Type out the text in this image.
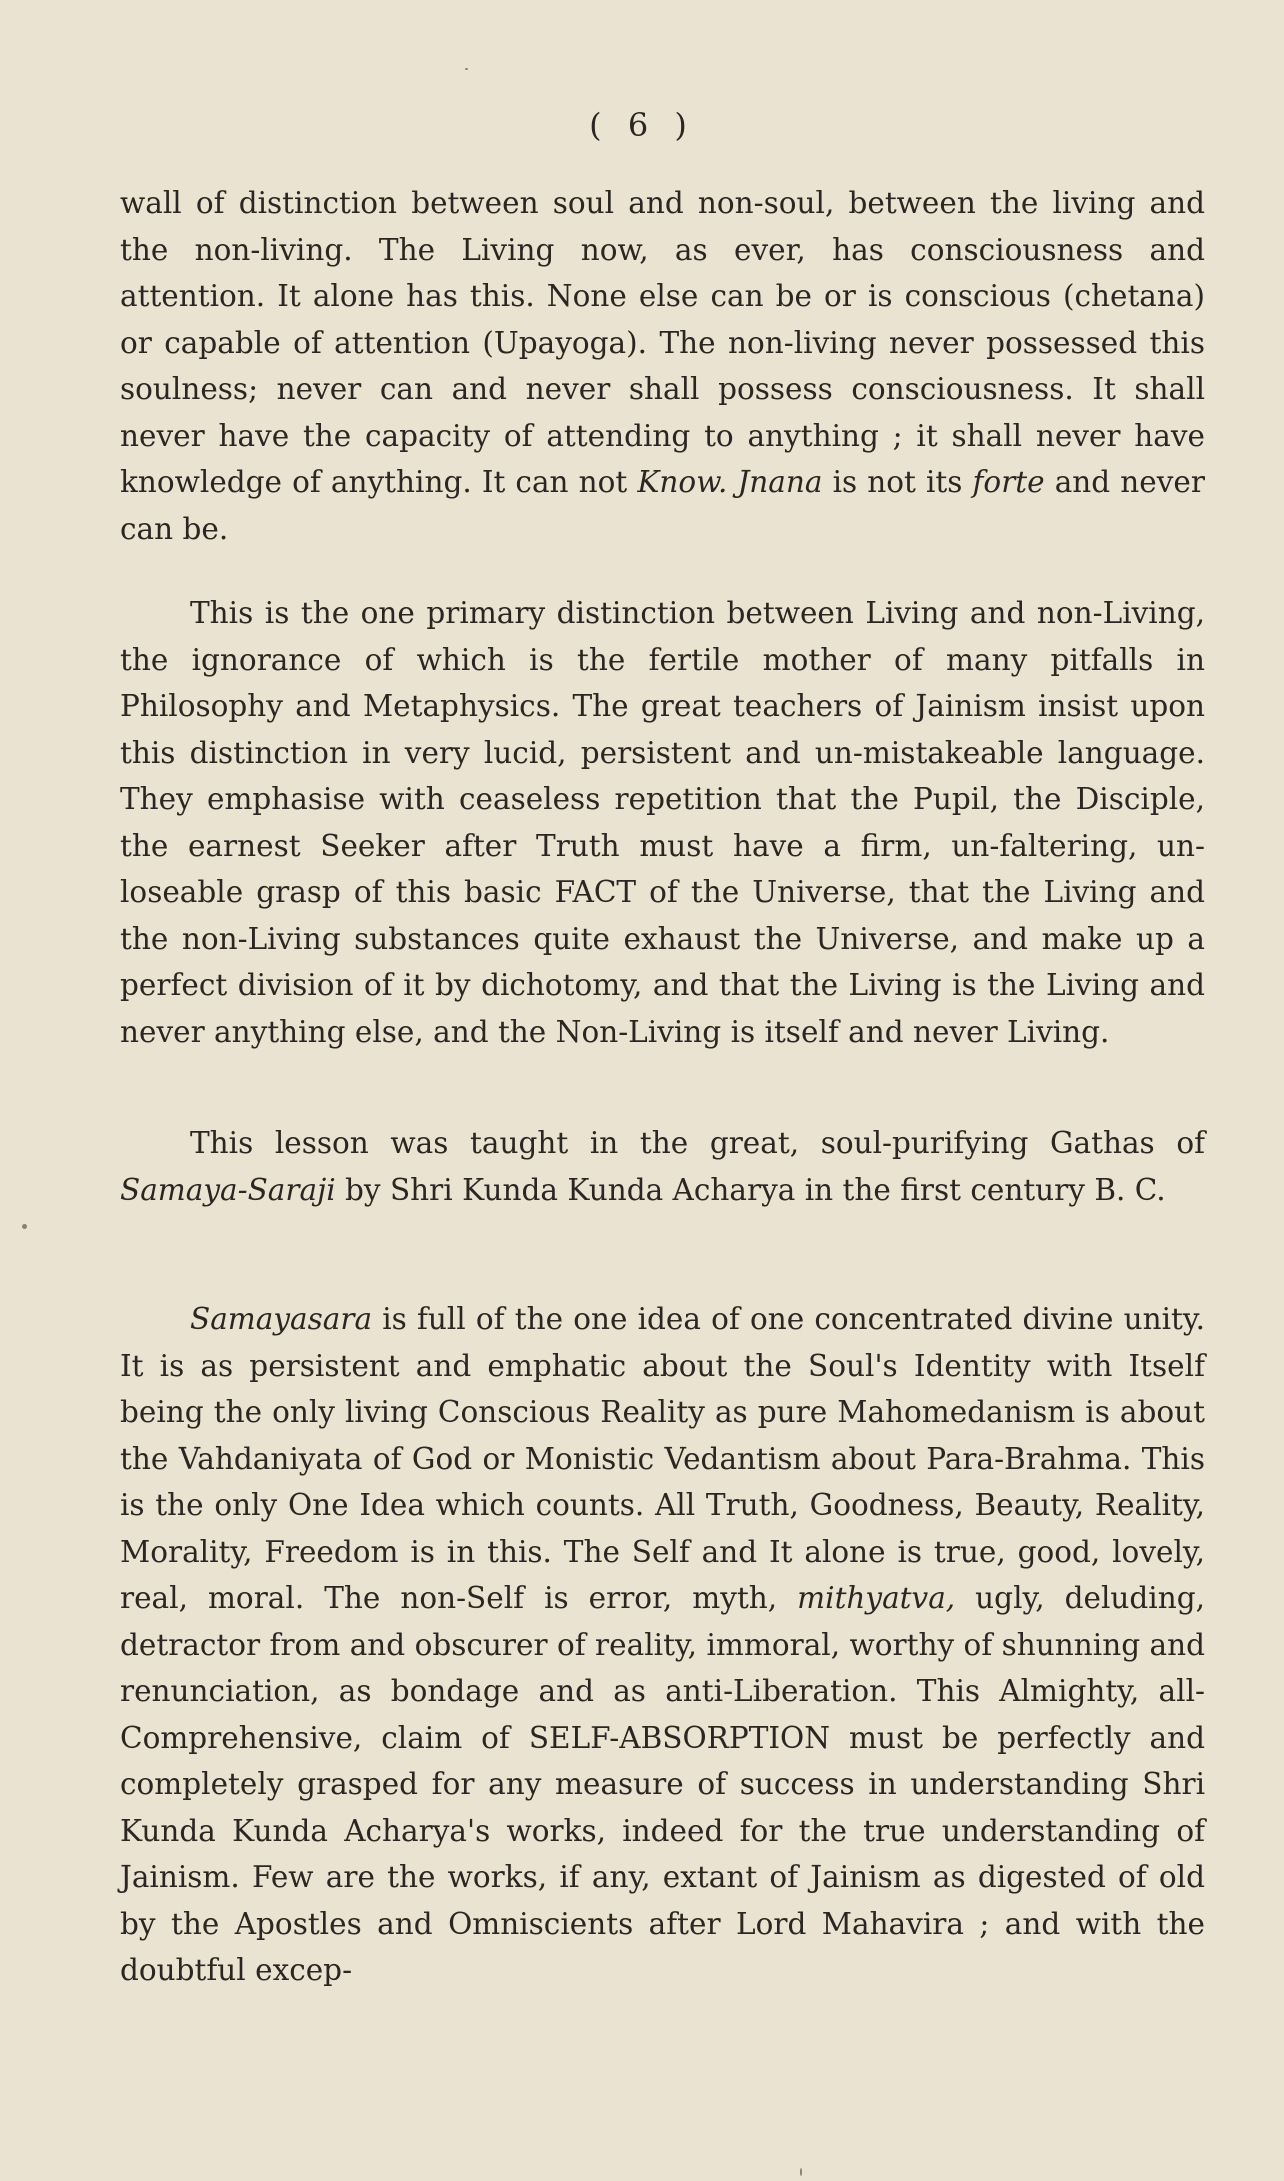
( 6 )

wall of distinction between soul and non-soul, between the living and the non-living. The Living now, as ever, has consciousness and attention. It alone has this. None else can be or is conscious (chetana) or capable of attention (Upayoga). The non-living never possessed this soulness; never can and never shall possess consciousness. It shall never have the capacity of attending to anything ; it shall never have knowledge of anything. It can not Know. Jnana is not its forte and never can be.

This is the one primary distinction between Living and non-Living, the ignorance of which is the fertile mother of many pitfalls in Philosophy and Metaphysics. The great teachers of Jainism insist upon this distinction in very lucid, persistent and un-mistakeable language. They emphasise with ceaseless repetition that the Pupil, the Disciple, the earnest Seeker after Truth must have a firm, un-faltering, un-loseable grasp of this basic FACT of the Universe, that the Living and the non-Living substances quite exhaust the Universe, and make up a perfect division of it by dichotomy, and that the Living is the Living and never anything else, and the Non-Living is itself and never Living.

This lesson was taught in the great, soul-purifying Gathas of Samaya-Saraji by Shri Kunda Kunda Acharya in the first century B. C.

Samayasara is full of the one idea of one concentrated divine unity. It is as persistent and emphatic about the Soul's Identity with Itself being the only living Conscious Reality as pure Mahomedanism is about the Vahdaniyata of God or Monistic Vedantism about Para-Brahma. This is the only One Idea which counts. All Truth, Goodness, Beauty, Reality, Morality, Freedom is in this. The Self and It alone is true, good, lovely, real, moral. The non-Self is error, myth, mithyatva, ugly, deluding, detractor from and obscurer of reality, immoral, worthy of shunning and renunciation, as bondage and as anti-Liberation. This Almighty, all-Comprehensive, claim of SELF-ABSORPTION must be perfectly and completely grasped for any measure of success in understanding Shri Kunda Kunda Acharya's works, indeed for the true understanding of Jainism. Few are the works, if any, extant of Jainism as digested of old by the Apostles and Omniscients after Lord Mahavira ; and with the doubtful excep-
